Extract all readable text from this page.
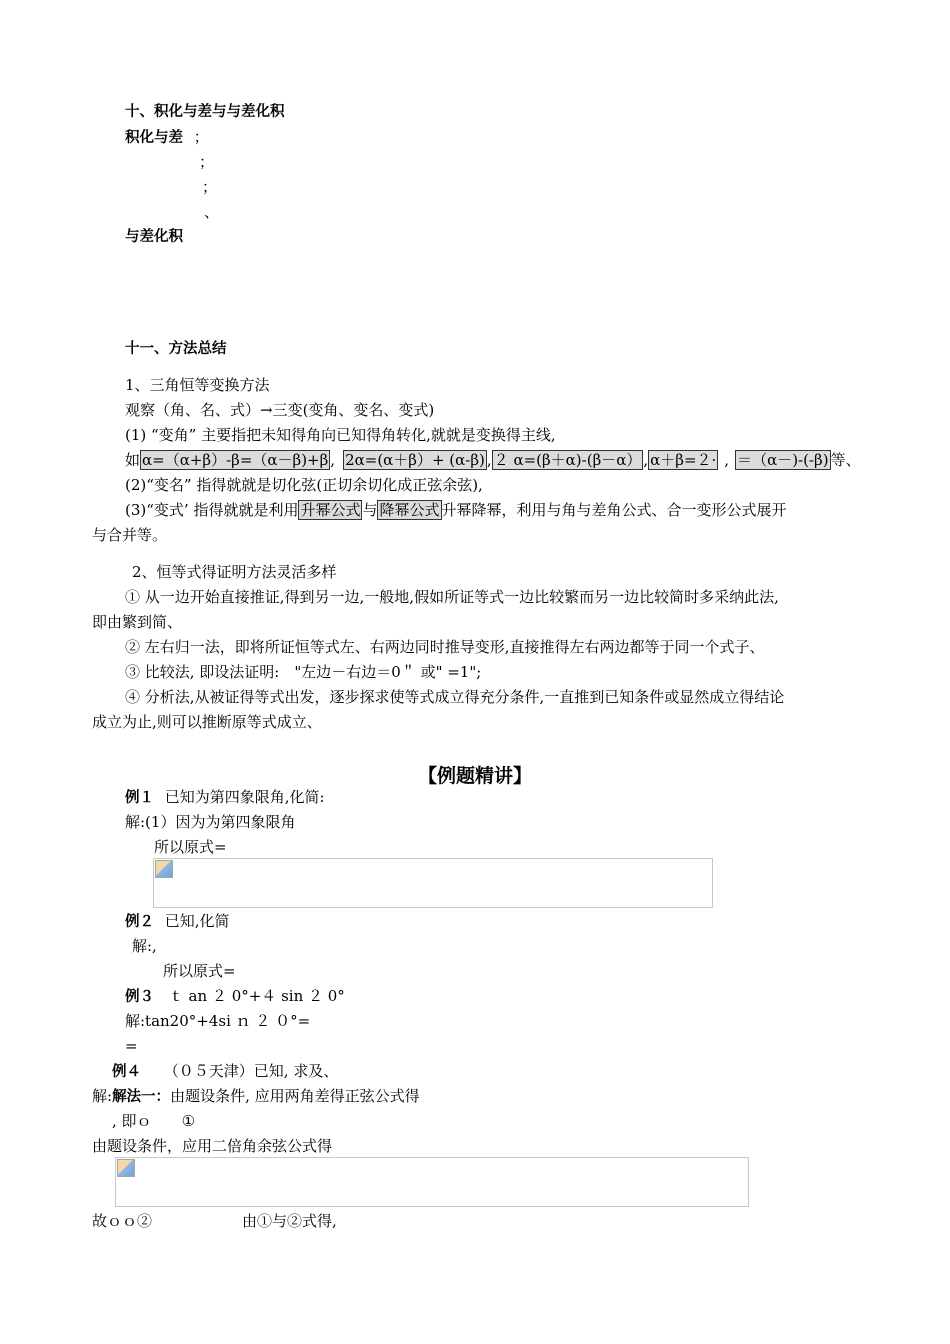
十、积化与差与与差化积
积化与差 ；
；
；
、
与差化积
十一、方法总结
1、三角恒等变换方法
观察（角、名、式）→三变(变角、变名、变式)
(1) “变角” 主要指把未知得角向已知得角转化,就就是变换得主线,
如 α=（α+β）-β=（α－β)+β , 2α=(α＋β）+ (α-β) , ２ α=(β＋α)-(β－α） , α＋β=２· , ＝（α－)-(-β) 等、
(2)“变名” 指得就就是切化弦(正切余切化成正弦余弦),
(3)“变式’ 指得就就是利用 升幂公式 与 降幂公式 升幂降幂，利用与角与差角公式、合一变形公式展开
与合并等。
2、恒等式得证明方法灵活多样
① 从一边开始直接推证,得到另一边,一般地,假如所证等式一边比较繁而另一边比较简时多采纳此法,
即由繁到简、
② 左右归一法，即将所证恒等式左、右两边同时推导变形,直接推得左右两边都等于同一个式子、
③ 比较法, 即设法证明:　"左边－右边＝0＂ 或" =1";
④ 分析法,从被证得等式出发，逐步探求使等式成立得充分条件,一直推到已知条件或显然成立得结论
成立为止,则可以推断原等式成立、
【例题精讲】
例１ 已知为第四象限角,化简:
解:(1）因为为第四象限角
所以原式=
例２ 已知,化简
解:,
所以原式=
例３ ｔ an ２ 0°+４ sin ２ 0°
解:tan20°+4si ｎ ２ ０°=
=
例４ （０５天津）已知, 求及、
解:解法一：由题设条件, 应用两角差得正弦公式得
, 即ｏ ①
由题设条件，应用二倍角余弦公式得
故ｏｏ②	由①与②式得,
